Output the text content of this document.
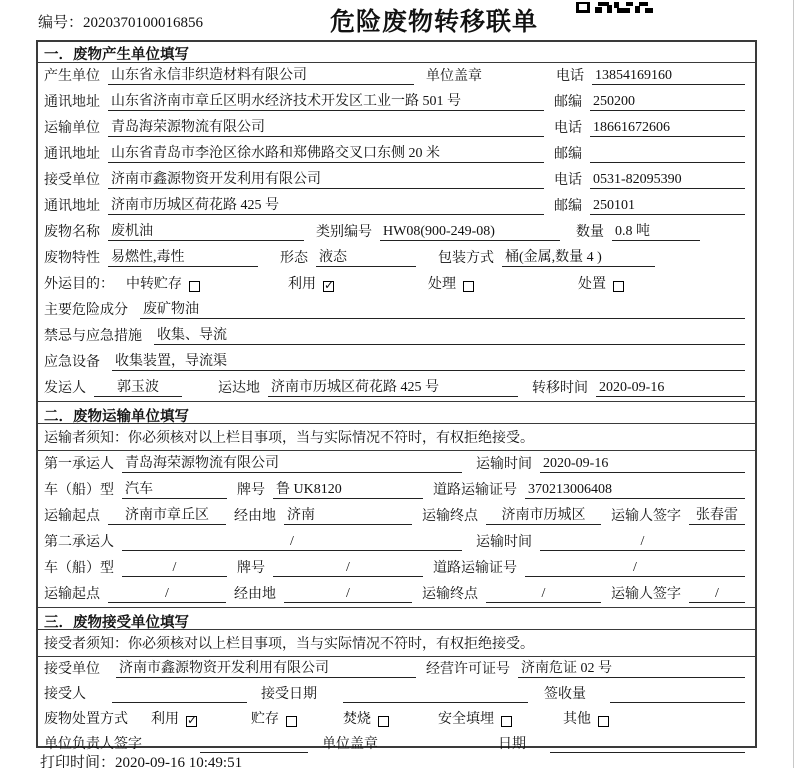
编号：2020370100016856	危险废物转移联单
一．废物产生单位填写
产生单位 山东省永信非织造材料有限公司	单位盖章	电话 13854169160
通讯地址 山东省济南市章丘区明水经济技术开发区工业一路 501 号	邮编 250200
运输单位 青岛海荣源物流有限公司	电话 18661672606
通讯地址 山东省青岛市李沧区徐水路和郑佛路交叉口东侧 20 米	邮编
接受单位 济南市鑫源物资开发利用有限公司	电话 0531-82095390
通讯地址 济南市历城区荷花路 425 号	邮编 250101
废物名称 废机油	类别编号 HW08(900-249-08)	数量 0.8 吨
废物特性 易燃性,毒性	形态 液态	包装方式 桶(金属,数量 4 )
外运目的： 中转贮存	利用 ✓	处理	处置
主要危险成分 废矿物油
禁忌与应急措施 收集、导流
应急设备 收集装置，导流渠
发运人	郭玉波	运达地 济南市历城区荷花路 425 号	转移时间 2020-09-16
二．废物运输单位填写
运输者须知：你必须核对以上栏目事项，当与实际情况不符时，有权拒绝接受。
第一承运人 青岛海荣源物流有限公司	运输时间 2020-09-16
车（船）型 汽车	牌号 鲁 UK8120	道路运输证号 370213006408
运输起点	济南市章丘区	经由地 济南	运输终点	济南市历城区	运输人签字	张春雷
第二承运人	/	运输时间	/
车（船）型	/	牌号	/	道路运输证号	/
运输起点	/	经由地	/	运输终点	/	运输人签字	/
三．废物接受单位填写
接受者须知：你必须核对以上栏目事项，当与实际情况不符时，有权拒绝接受。
接受单位 济南市鑫源物资开发利用有限公司	经营许可证号 济南危证 02 号
接受人	接受日期	签收量
废物处置方式 利用 ✓	贮存	焚烧	安全填埋	其他
单位负责人签字	单位盖章	日期
打印时间：2020-09-16 10:49:51
